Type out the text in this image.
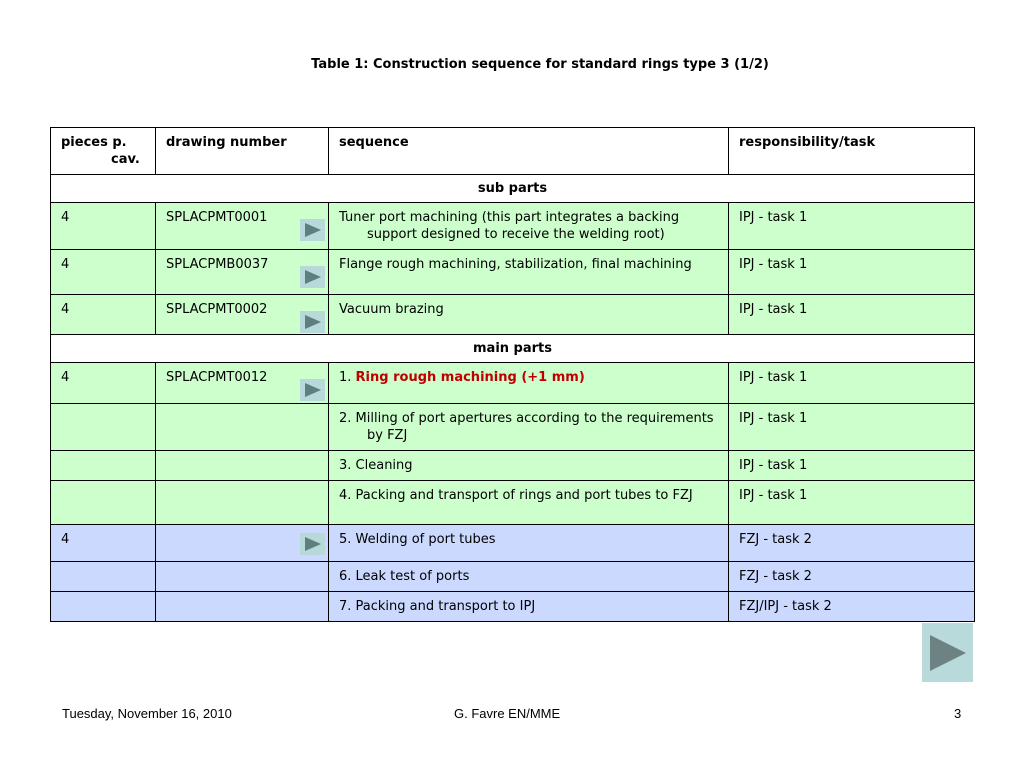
Table 1: Construction sequence for standard rings type 3 (1/2)
pieces p.
cav.	drawing number	sequence	responsibility/task
sub parts			
4	SPLACPMT0001	Tuner port machining (this part integrates a backing support designed to receive the welding root)	IPJ - task 1
4	SPLACPMB0037	Flange rough machining, stabilization, final machining	IPJ - task 1
4	SPLACPMT0002	Vacuum brazing	IPJ - task 1
main parts			
4	SPLACPMT0012	1. Ring rough machining (+1 mm)	IPJ - task 1
		2. Milling of port apertures according to the requirements by FZJ	IPJ - task 1
		3. Cleaning	IPJ - task 1
		4. Packing and transport of rings and port tubes to FZJ	IPJ - task 1
4		5. Welding of port tubes	FZJ - task 2
		6. Leak test of ports	FZJ - task 2
		7. Packing and transport to IPJ	FZJ/IPJ - task 2
Tuesday, November 16, 2010	G. Favre EN/MME	3
